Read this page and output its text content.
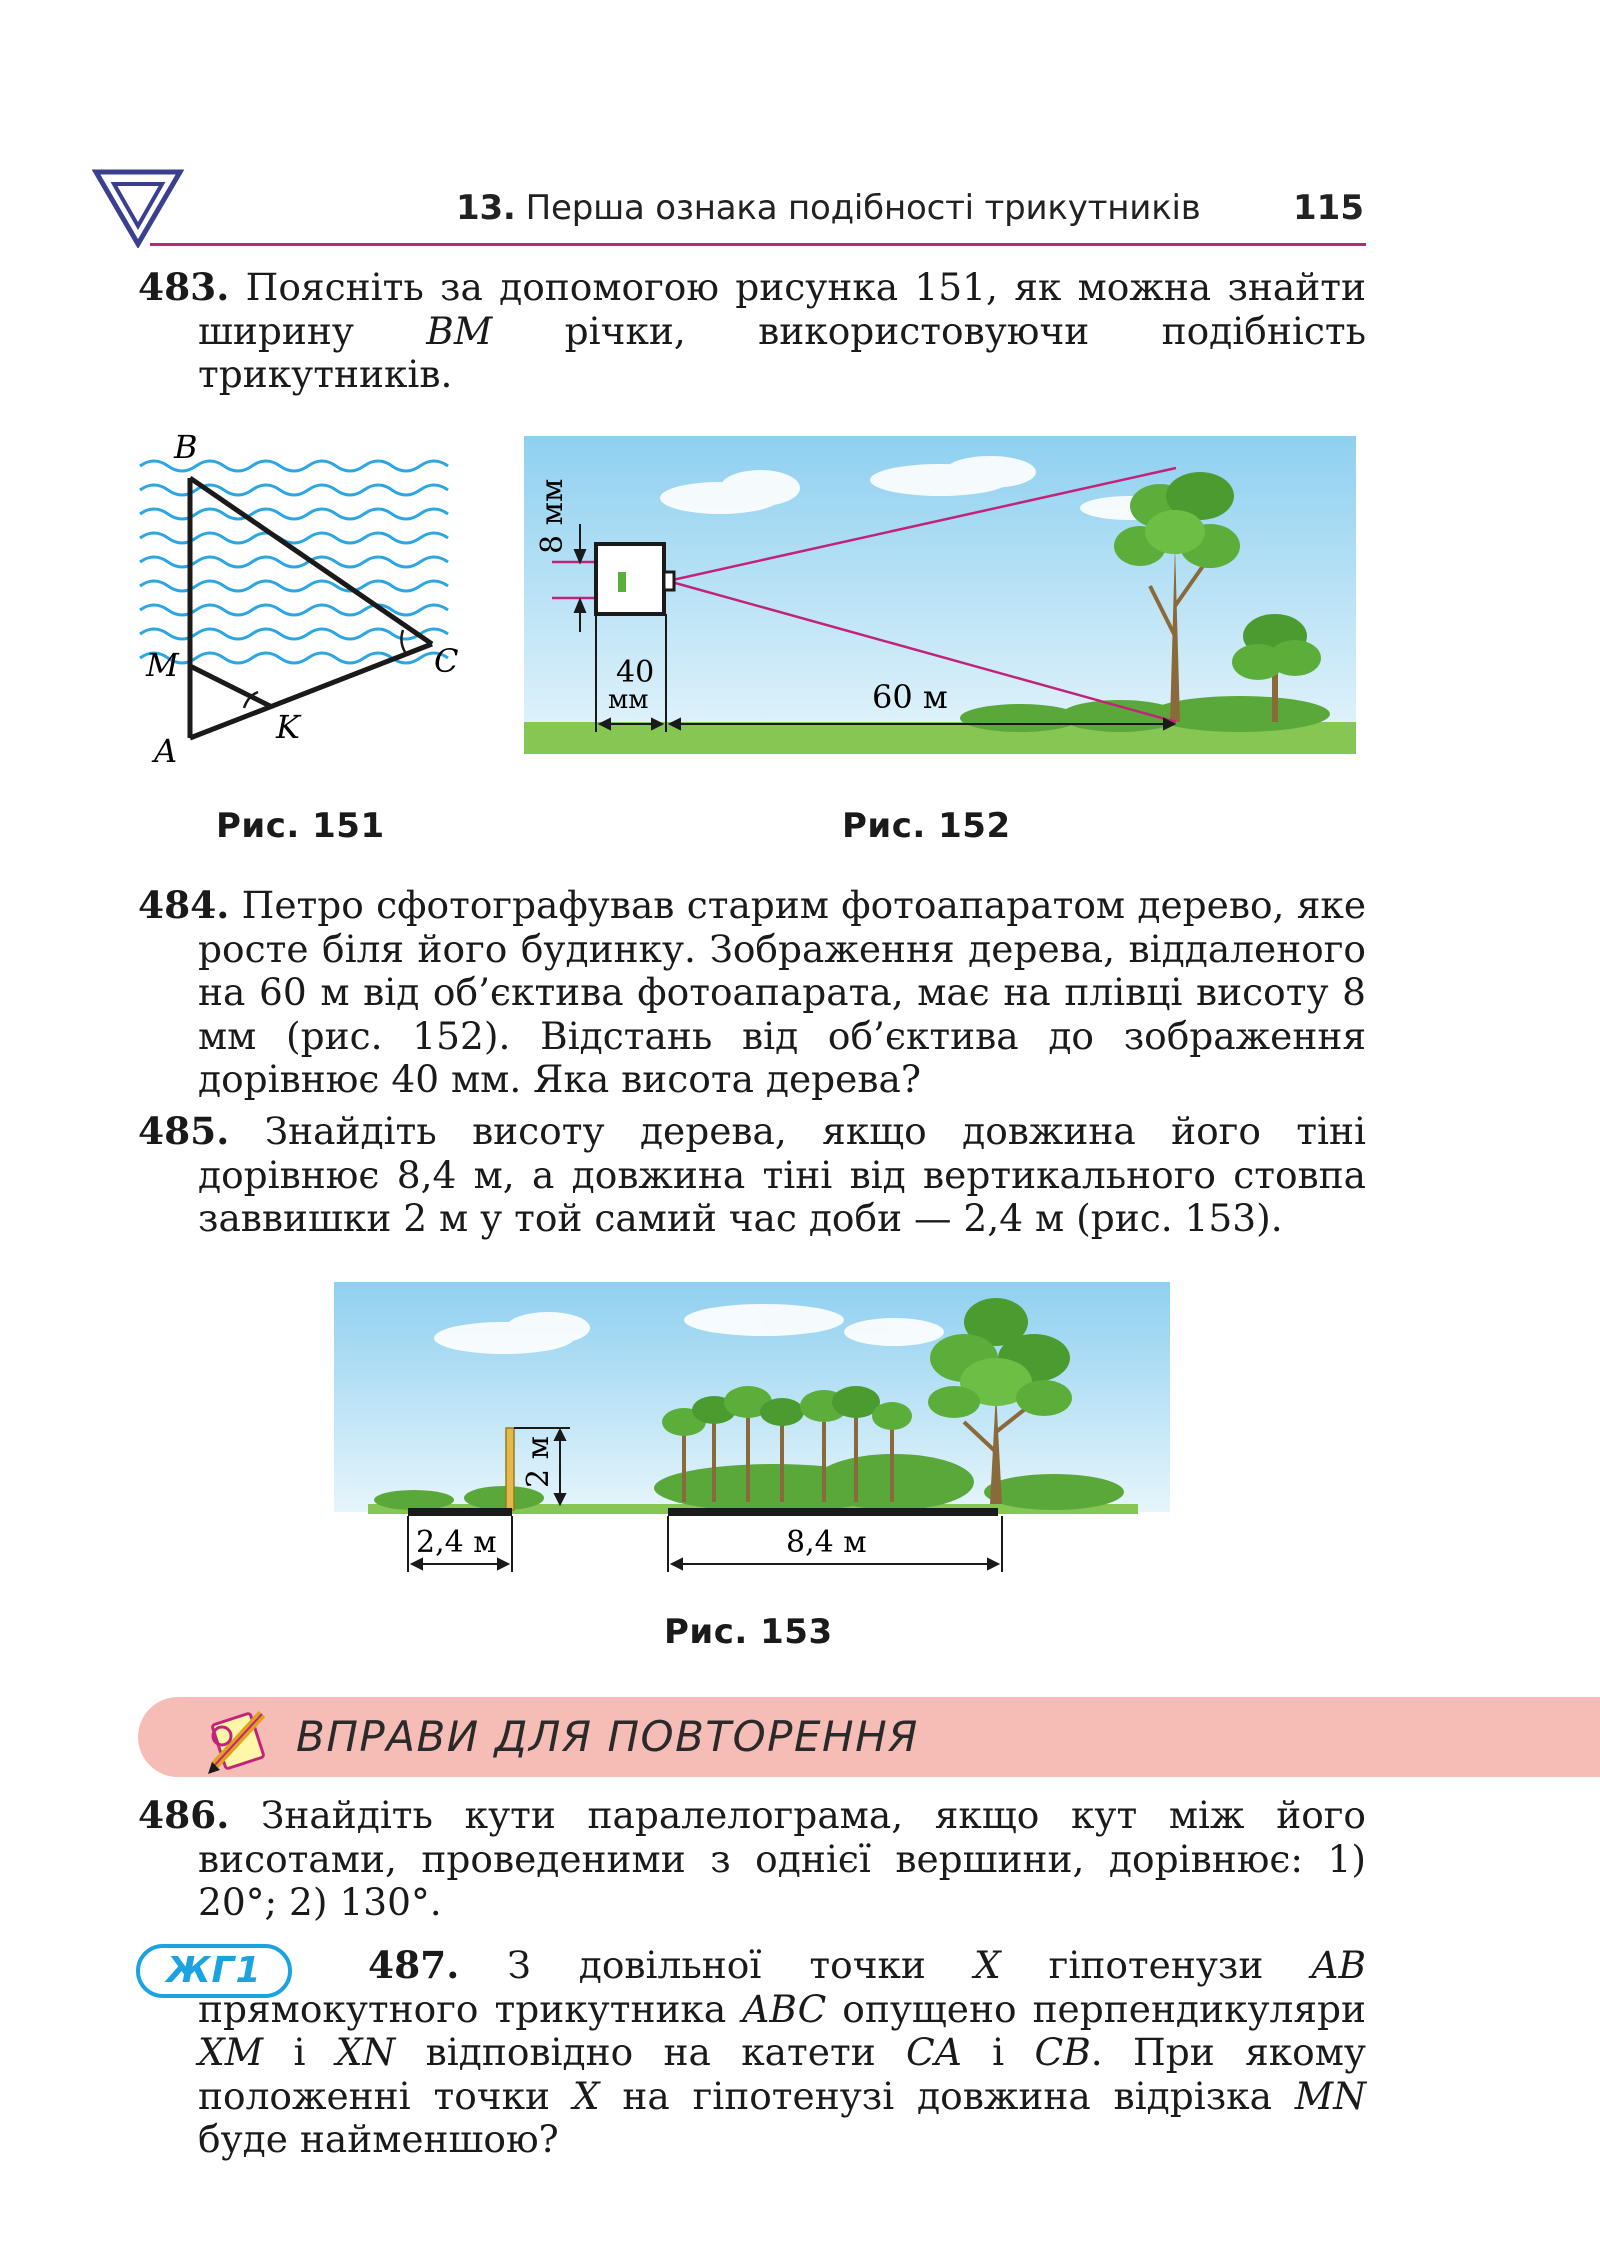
13. Перша ознака подібності трикутників	115
483. Поясніть за допомогою рисунка 151, як можна знайти ширину BM річки, використовуючи подібність трикутників.
B
M	C
A
K
8 мм
40
мм	60 м
Рис. 151	Рис. 152
484. Петро сфотографував старим фотоапаратом дерево, яке росте біля його будинку. Зображення дерева, віддаленого на 60 м від об’єктива фотоапарата, має на плівці висоту 8 мм (рис. 152). Відстань від об’єктива до зображення дорівнює 40 мм. Яка висота дерева?
485. Знайдіть висоту дерева, якщо довжина його тіні дорівнює 8,4 м, а довжина тіні від вертикального стовпа заввишки 2 м у той самий час доби — 2,4 м (рис. 153).
2 м
2,4 м	8,4 м
Рис. 153
ВПРАВИ ДЛЯ ПОВТОРЕННЯ
486. Знайдіть кути паралелограма, якщо кут між його висотами, проведеними з однієї вершини, дорівнює: 1) 20°; 2) 130°.
ЖГ1	487. З довільної точки X гіпотенузи AB прямокутного трикутника ABC опущено перпендикуляри XM і XN відповідно на катети CA і CB. При якому положенні точки X на гіпотенузі довжина відрізка MN буде найменшою?
